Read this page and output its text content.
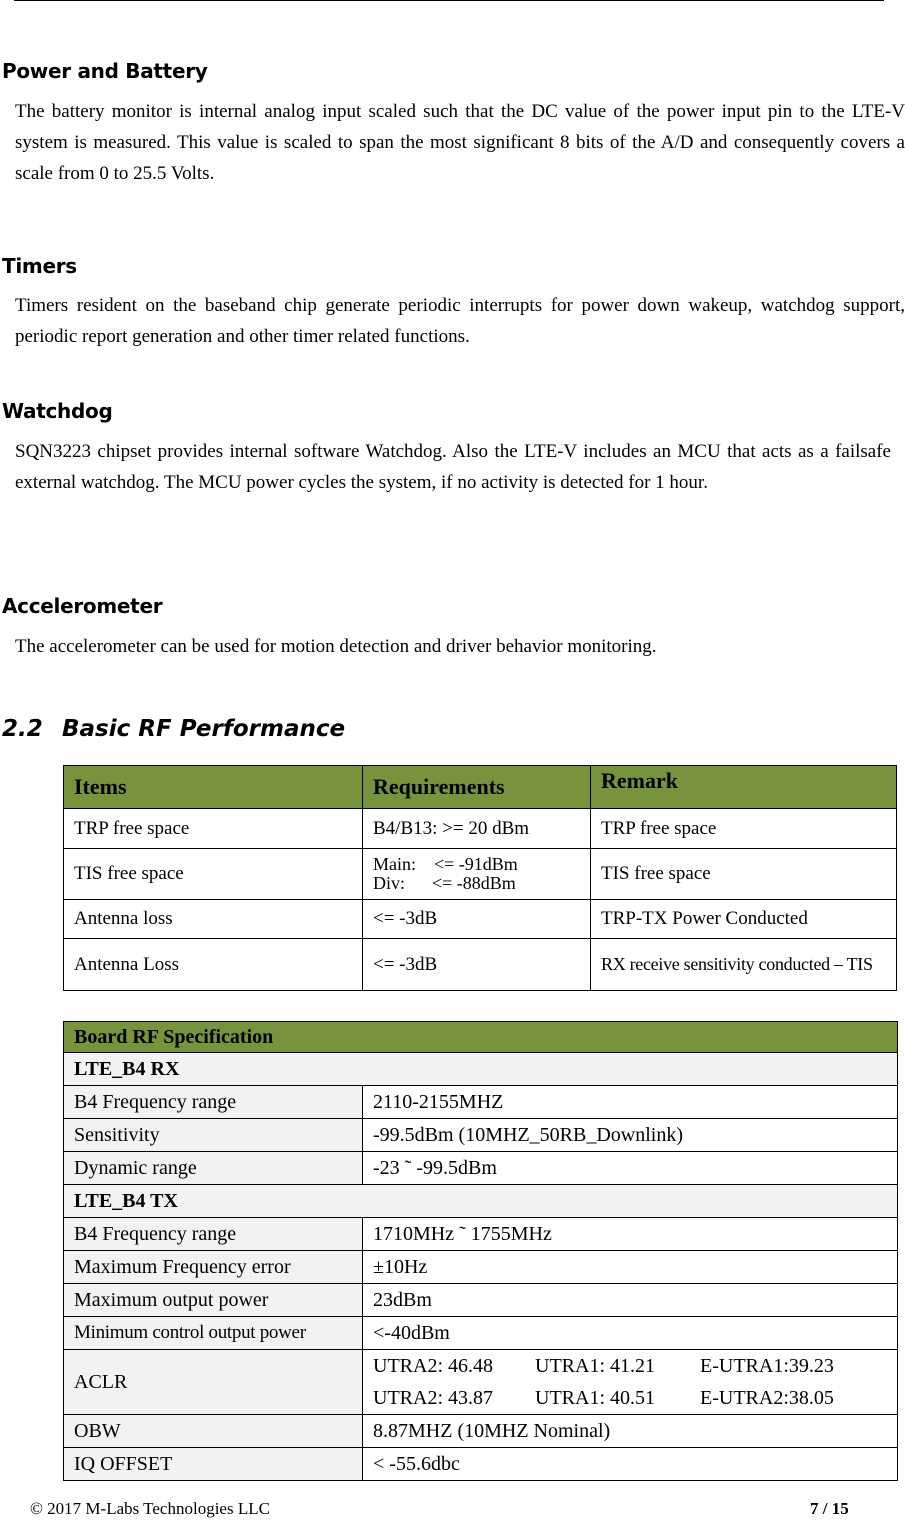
Power and Battery

The battery monitor is internal analog input scaled such that the DC value of the power input pin to the LTE-V system is measured. This value is scaled to span the most significant 8 bits of the A/D and consequently covers a scale from 0 to 25.5 Volts.

Timers

Timers resident on the baseband chip generate periodic interrupts for power down wakeup, watchdog support, periodic report generation and other timer related functions.

Watchdog

SQN3223 chipset provides internal software Watchdog. Also the LTE-V includes an MCU that acts as a failsafe external watchdog. The MCU power cycles the system, if no activity is detected for 1 hour.

Accelerometer

The accelerometer can be used for motion detection and driver behavior monitoring.

2.2 Basic RF Performance
Items	Requirements	Remark
TRP free space	B4/B13: >= 20 dBm	TRP free space
TIS free space	Main:    <= -91dBm
Div:      <= -88dBm	TIS free space
Antenna loss	<= -3dB	TRP-TX Power Conducted
Antenna Loss	<= -3dB	RX receive sensitivity conducted – TIS
Board RF Specification	
LTE_B4 RX	
B4 Frequency range	2110-2155MHZ
Sensitivity	-99.5dBm (10MHZ_50RB_Downlink)
Dynamic range	-23 ˜ -99.5dBm
LTE_B4 TX	
B4 Frequency range	1710MHz ˜ 1755MHz
Maximum Frequency error	±10Hz
Maximum output power	23dBm
Minimum control output power	<-40dBm
ACLR	UTRA2: 46.48 UTRA1: 41.21 E-UTRA1:39.23
UTRA2: 43.87 UTRA1: 40.51 E-UTRA2:38.05

OBW	8.87MHZ (10MHZ Nominal)
IQ OFFSET	< -55.6dbc
© 2017 M-Labs Technologies LLC	7 / 15
